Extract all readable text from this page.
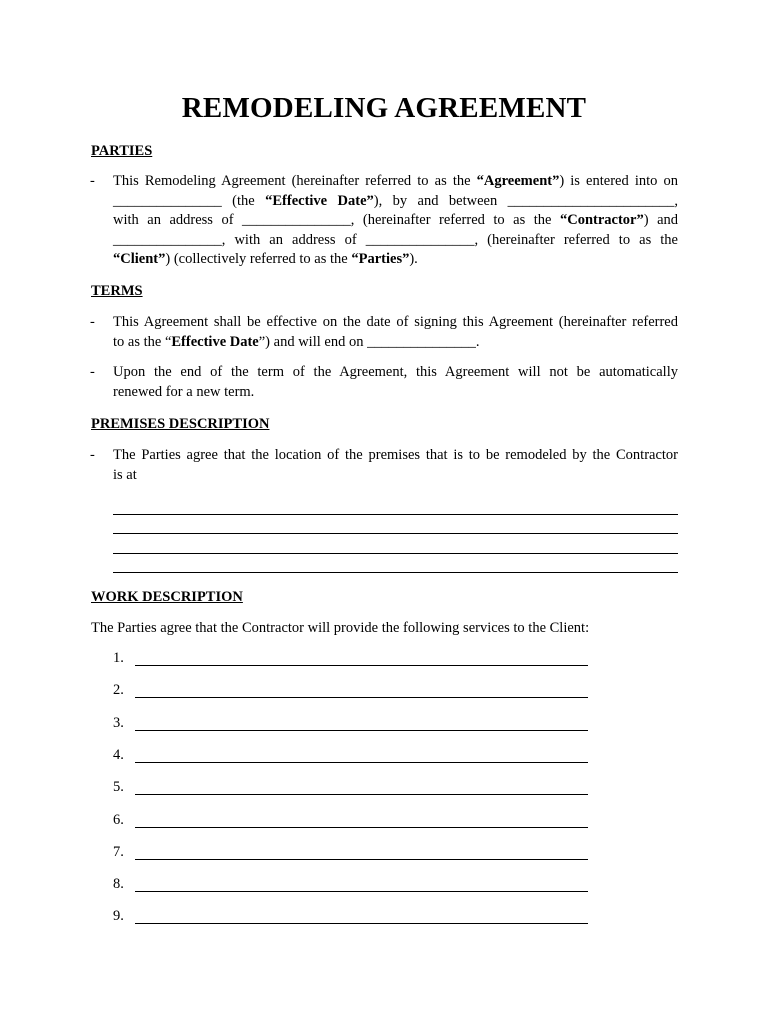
REMODELING AGREEMENT
PARTIES
- This Remodeling Agreement (hereinafter referred to as the “Agreement”) is entered into on
_______________ (the “Effective Date”), by and between _______________________,
with an address of _______________, (hereinafter referred to as the “Contractor”) and
_______________, with an address of _______________, (hereinafter referred to as the
“Client”) (collectively referred to as the “Parties”).
TERMS
- This Agreement shall be effective on the date of signing this Agreement (hereinafter referred
to as the “Effective Date”) and will end on _______________.
- Upon the end of the term of the Agreement, this Agreement will not be automatically
renewed for a new term.
PREMISES DESCRIPTION
- The Parties agree that the location of the premises that is to be remodeled by the Contractor
is at
WORK DESCRIPTION
The Parties agree that the Contractor will provide the following services to the Client:
1.
2.
3.
4.
5.
6.
7.
8.
9.
